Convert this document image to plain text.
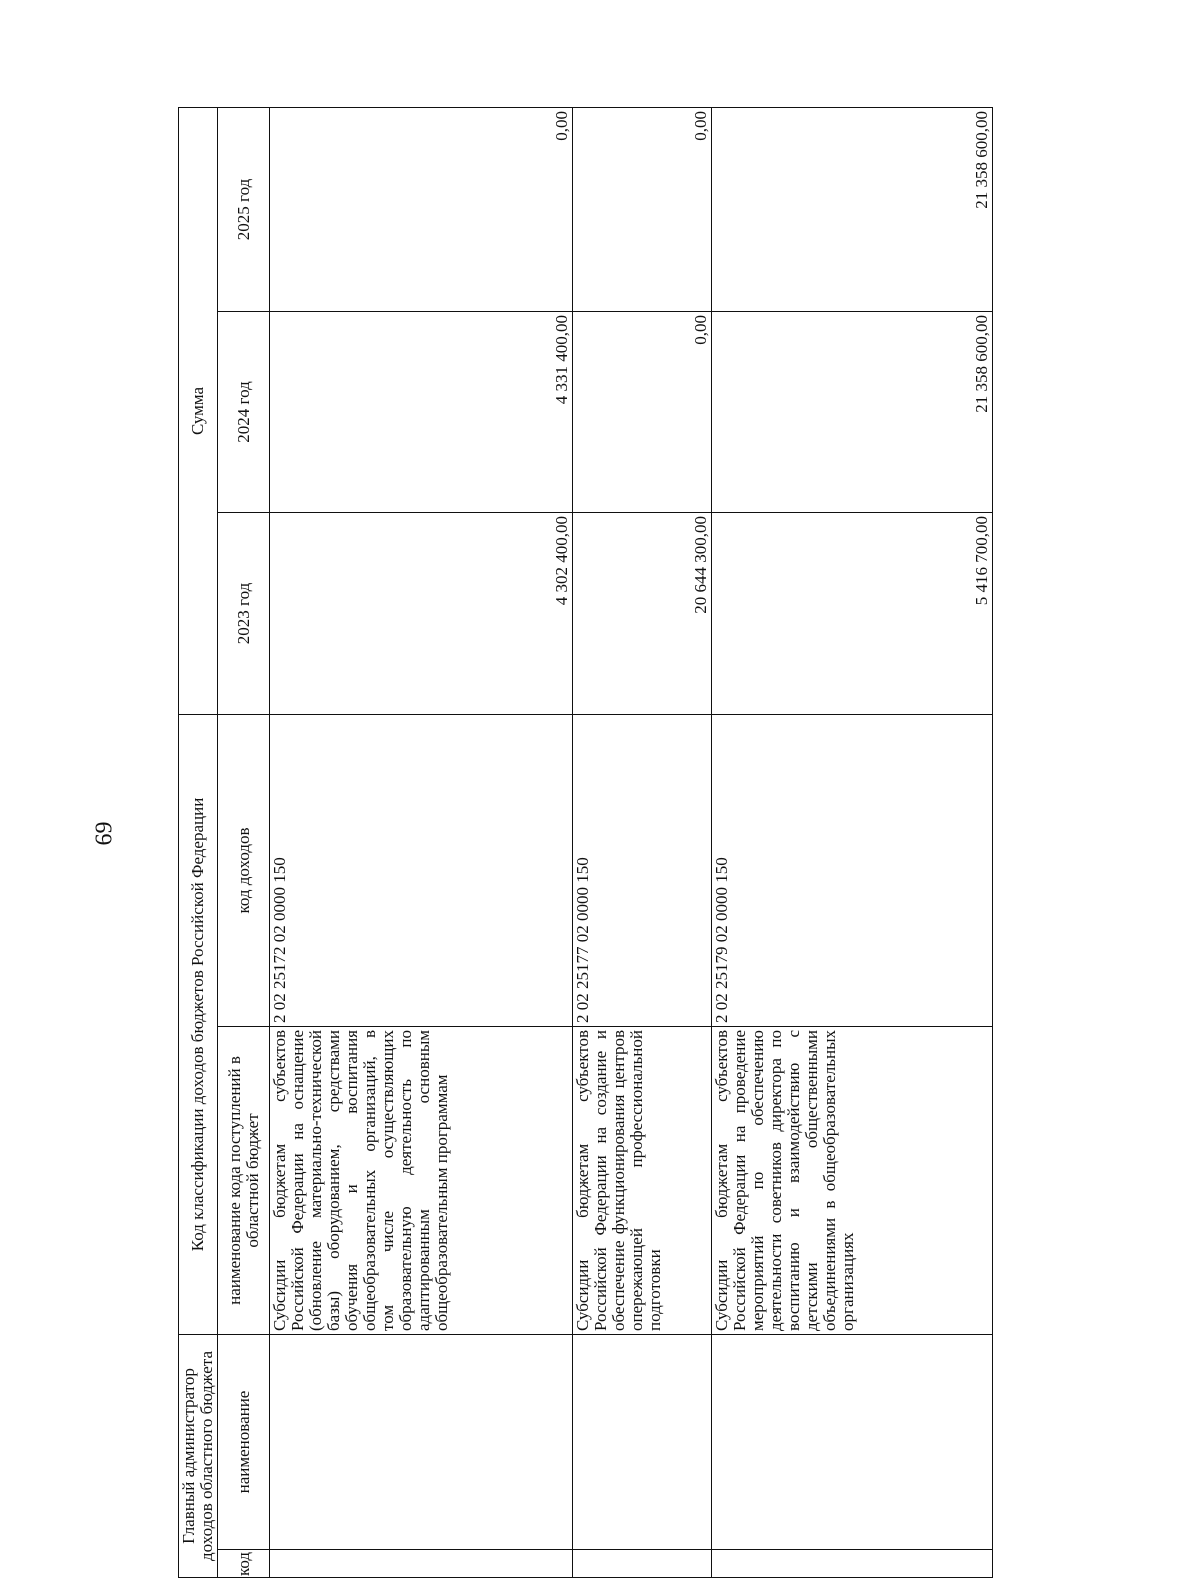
69
Главный администратор доходов областного бюджета		Код классификации доходов бюджетов Российской Федерации		Сумма		
код	наименование	наименование кода поступлений в областной бюджет	код доходов	2023 год	2024 год	2025 год
		Субсидии бюджетам субъектов Российской Федерации на оснащение (обновление материально-технической базы) оборудованием, средствами обучения и воспитания общеобразовательных организаций, в том числе осуществляющих образовательную деятельность по адаптированным основным общеобразовательным программам	2 02 25172 02 0000 150	4 302 400,00	4 331 400,00	0,00
		Субсидии бюджетам субъектов Российской Федерации на создание и обеспечение функционирования центров опережающей профессиональной подготовки	2 02 25177 02 0000 150	20 644 300,00	0,00	0,00
		Субсидии бюджетам субъектов Российской Федерации на проведение мероприятий по обеспечению деятельности советников директора по воспитанию и взаимодействию с детскими общественными объединениями в общеобразовательных организациях	2 02 25179 02 0000 150	5 416 700,00	21 358 600,00	21 358 600,00
